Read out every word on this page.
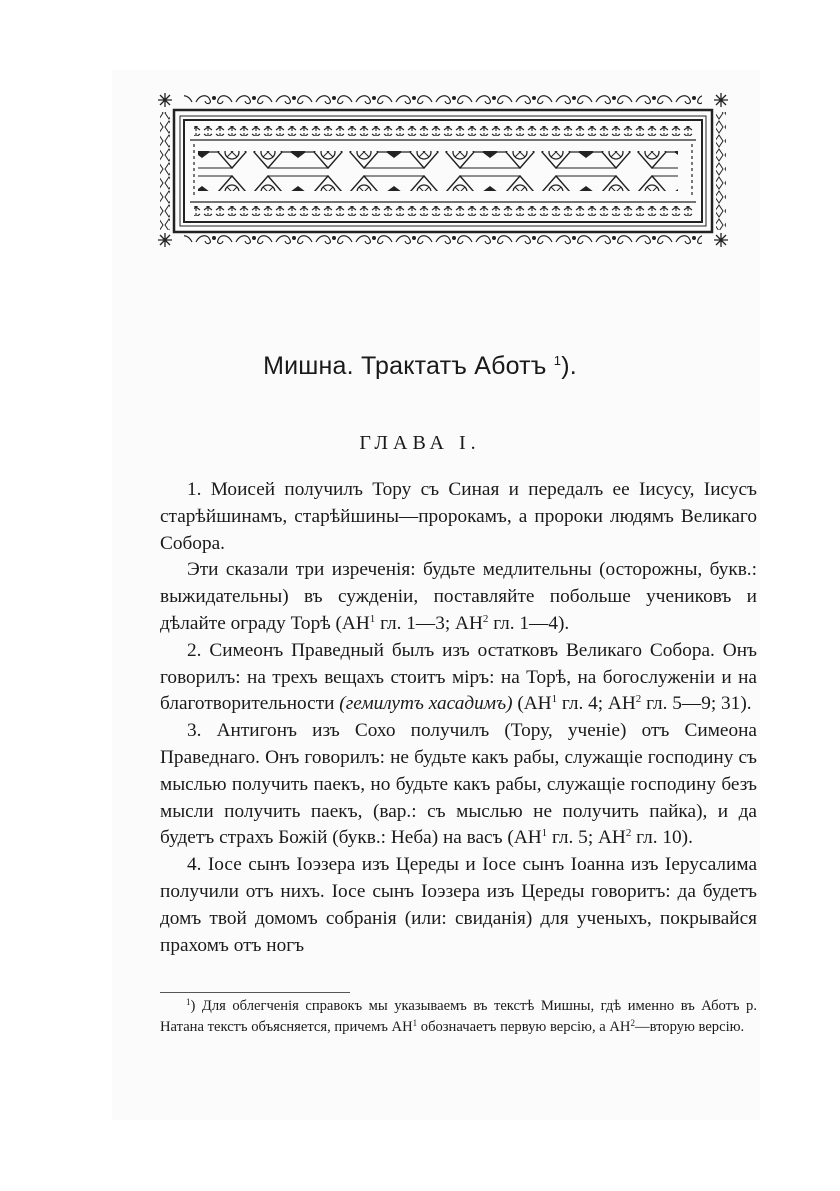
Мишна. Трактатъ Аботъ $^1$).
ГЛАВА I.

1. Моисей получилъ Тору съ Синая и передалъ ее Іисусу, Іисусъ старѣйшинамъ, старѣйшины—пророкамъ, а пророки людямъ Великаго Собора.

Эти сказали три изреченія: будьте медлительны (осторожны, букв.: выжидательны) въ сужденіи, поставляйте побольше учениковъ и дѣлайте ограду Торѣ ($АН^1$ гл. 1—3; $АН^2$ гл. 1—4).

2. Симеонъ Праведный былъ изъ остатковъ Великаго Собора. Онъ говорилъ: на трехъ вещахъ стоитъ міръ: на Торѣ, на богослуженіи и на благотворительности (гемилутъ хасадимъ) ($АН^1$ гл. 4; $АН^2$ гл. 5—9; 31).

3. Антигонъ изъ Сохо получилъ (Тору, ученіе) отъ Симеона Праведнаго. Онъ говорилъ: не будьте какъ рабы, служащіе господину съ мыслью получить паекъ, но будьте какъ рабы, служащіе господину безъ мысли получить паекъ, (вар.: съ мыслью не получить пайка), и да будетъ страхъ Божій (букв.: Неба) на васъ ($АН^1$ гл. 5; $АН^2$ гл. 10).

4. Іосе сынъ Іоэзера изъ Цереды и Іосе сынъ Іоанна изъ Іерусалима получили отъ нихъ. Іосе сынъ Іоэзера изъ Цереды говоритъ: да будетъ домъ твой домомъ собранія (или: свиданія) для ученыхъ, покрывайся прахомъ отъ ногъ

$^1$) Для облегченія справокъ мы указываемъ въ текстѣ Мишны, гдѣ именно въ Аботъ р. Натана текстъ объясняется, причемъ $АН^1$ обозначаетъ первую версію, а $АН^2—вторую$ версію.
